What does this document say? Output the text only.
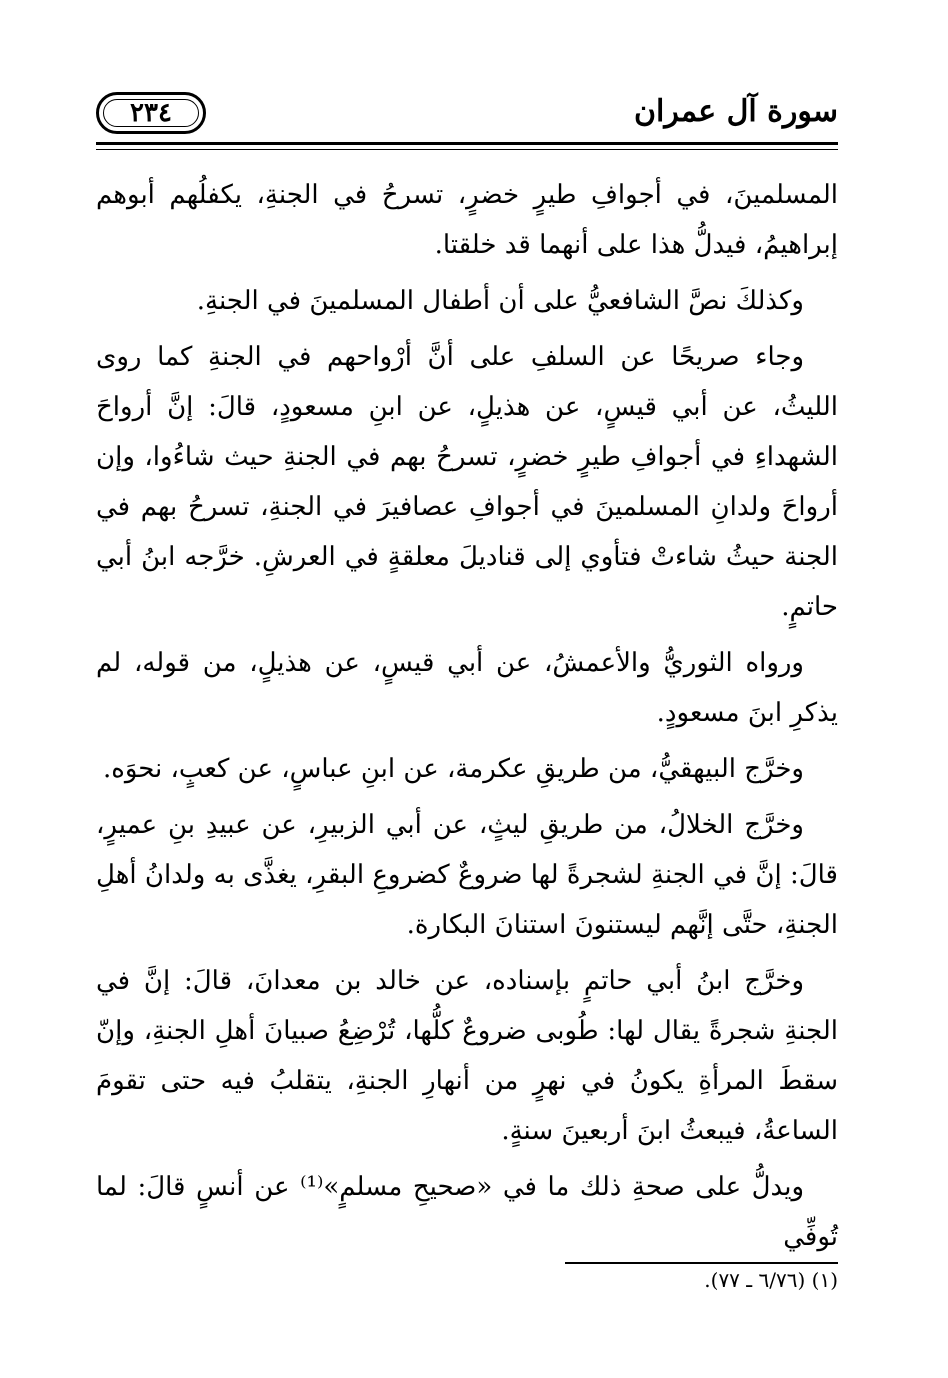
٢٣٤	سورة آل عمران

المسلمينَ، في أجوافِ طيرٍ خضرٍ، تسرحُ في الجنةِ، يكفلُهم أبوهم إبراهيمُ، فيدلُّ هذا على أنهما قد خلقتا.

وكذلكَ نصَّ الشافعيُّ على أن أطفال المسلمينَ في الجنةِ.

وجاء صريحًا عن السلفِ على أنَّ أرْواحهم في الجنةِ كما روى الليثُ، عن أبي قيسٍ، عن هذيلٍ، عن ابنِ مسعودٍ، قالَ: إنَّ أرواحَ الشهداءِ في أجوافِ طيرٍ خضرٍ، تسرحُ بهم في الجنةِ حيث شاءُوا، وإن أرواحَ ولدانِ المسلمينَ في أجوافِ عصافيرَ في الجنةِ، تسرحُ بهم في الجنة حيثُ شاءتْ فتأوي إلى قناديلَ معلقةٍ في العرشِ. خرَّجه ابنُ أبي حاتمٍ.

ورواه الثوريُّ والأعمشُ، عن أبي قيسٍ، عن هذيلٍ، من قوله، لم يذكرِ ابنَ مسعودٍ.

وخرَّج البيهقيُّ، من طريقِ عكرمة، عن ابنِ عباسٍ، عن كعبٍ، نحوَه.

وخرَّج الخلالُ، من طريقِ ليثٍ، عن أبي الزبيرِ، عن عبيدِ بنِ عميرٍ، قالَ: إنَّ في الجنةِ لشجرةً لها ضروعٌ كضروعِ البقرِ، يغذَّى به ولدانُ أهلِ الجنةِ، حتَّى إنَّهم ليستنونَ استنانَ البكارة.

وخرَّج ابنُ أبي حاتمٍ بإسناده، عن خالد بن معدانَ، قالَ: إنَّ في الجنةِ شجرةً يقال لها: طُوبى ضروعٌ كلُّها، تُرْضِعُ صبيانَ أهلِ الجنةِ، وإنّ سقطَ المرأةِ يكونُ في نهرٍ من أنهارِ الجنةِ، يتقلبُ فيه حتى تقومَ الساعةُ، فيبعثُ ابنَ أربعينَ سنةٍ.

ويدلُّ على صحةِ ذلك ما في «صحيحِ مسلمٍ»⁽¹⁾ عن أنسٍ قالَ: لما تُوفِّي

(١) (٦/٧٦ ـ ٧٧).
